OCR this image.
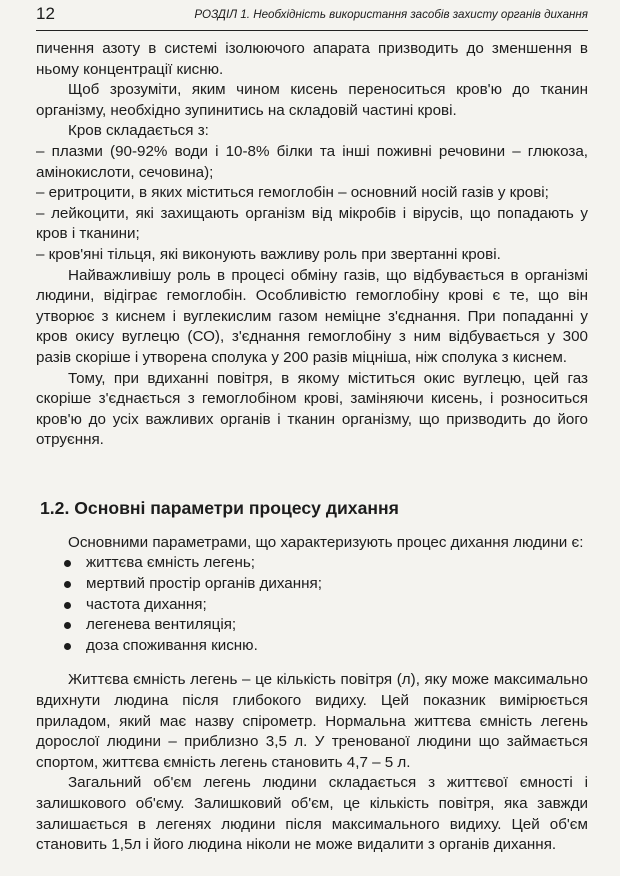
12	РОЗДІЛ 1. Необхідність використання засобів захисту органів дихання

пичення азоту в системі ізолюючого апарата призводить до зменшення в ньому концентрації кисню.

Щоб зрозуміти, яким чином кисень переноситься кров'ю до тканин організму, необхідно зупинитись на складовій частині крові.

Кров складається з:

– плазми (90-92% води і 10-8% білки та інші поживні речовини – глюкоза, амінокислоти, сечовина);

– еритроцити, в яких міститься гемоглобін – основний носій газів у крові;

– лейкоцити, які захищають організм від мікробів і вірусів, що попадають у кров і тканини;

– кров'яні тільця, які виконують важливу роль при звертанні крові.

Найважливішу роль в процесі обміну газів, що відбувається в організмі людини, відіграє гемоглобін. Особливістю гемоглобіну крові є те, що він утворює з киснем і вуглекислим газом неміцне з'єднання. При попаданні у кров окису вуглецю (СО), з'єднання гемоглобіну з ним відбувається у 300 разів скоріше і утворена сполука у 200 разів міцніша, ніж сполука з киснем.

Тому, при вдиханні повітря, в якому міститься окис вуглецю, цей газ скоріше з'єднається з гемоглобіном крові, заміняючи кисень, і розноситься кров'ю до усіх важливих органів і тканин організму, що призводить до його отруєння.

1.2. Основні параметри процесу дихання

Основними параметрами, що характеризують процес дихання людини є:

життєва ємність легень;
мертвий простір органів дихання;
частота дихання;
легенева вентиляція;
доза споживання кисню.

Життєва ємність легень – це кількість повітря (л), яку може максимально вдихнути людина після глибокого видиху. Цей показник вимірюється приладом, який має назву спірометр. Нормальна життєва ємність легень дорослої людини – приблизно 3,5 л. У тренованої людини що займається спортом, життєва ємність легень становить 4,7 – 5 л.

Загальний об'єм легень людини складається з життєвої ємності і залишкового об'єму. Залишковий об'єм, це кількість повітря, яка завжди залишається в легенях людини після максимального видиху. Цей об'єм становить 1,5л і його людина ніколи не може видалити з органів дихання.
